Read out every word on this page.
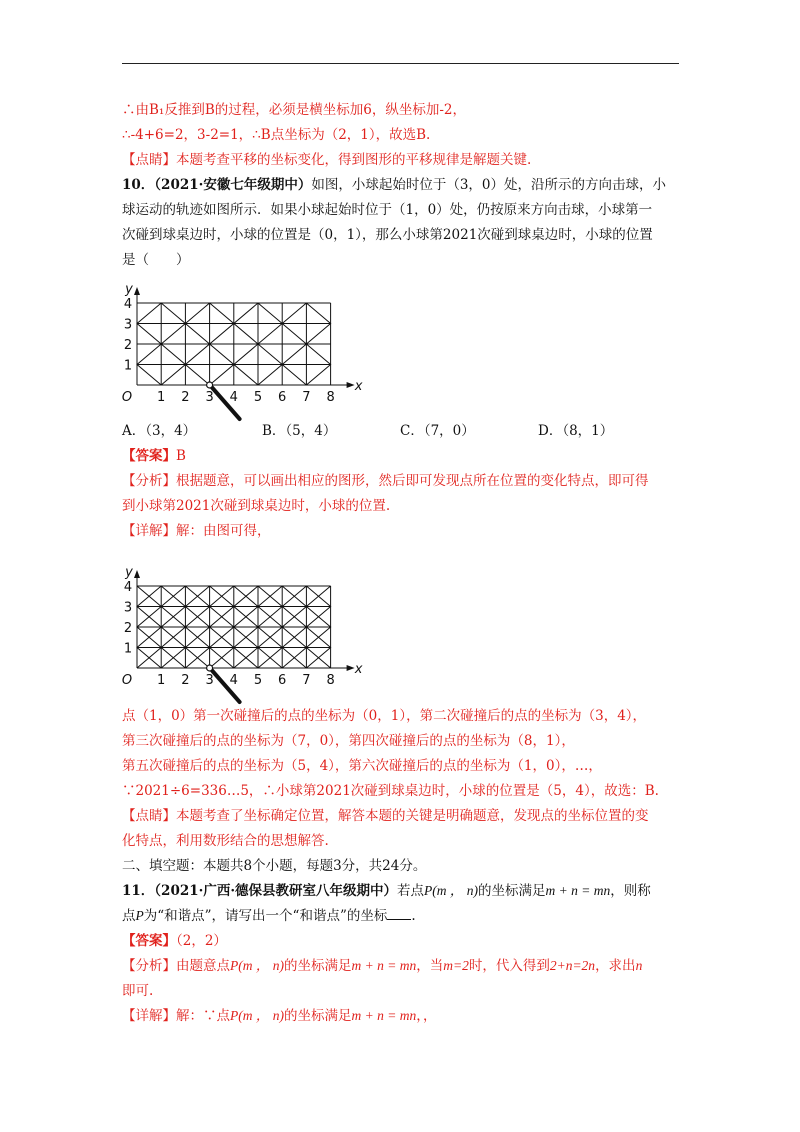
∴由B₁反推到B的过程，必须是横坐标加6，纵坐标加-2，
∴-4+6=2，3-2=1，∴B点坐标为（2，1），故选B.
【点睛】本题考查平移的坐标变化，得到图形的平移规律是解题关键.
10．（2021·安徽七年级期中）如图，小球起始时位于（3，0）处，沿所示的方向击球，小
球运动的轨迹如图所示．如果小球起始时位于（1，0）处，仍按原来方向击球，小球第一
次碰到球桌边时，小球的位置是（0，1），那么小球第2021次碰到球桌边时，小球的位置
是（　　）
1 2 3 4 5 6 7 8
1
2
3
4
O
x
y
A．（3，4）	B．（5，4）	C．（7，0）	D．（8，1）
【答案】B
【分析】根据题意，可以画出相应的图形，然后即可发现点所在位置的变化特点，即可得
到小球第2021次碰到球桌边时，小球的位置.
【详解】解：由图可得，
1 2 3 4 5 6 7 8
1
2
3
4
O
x
y
点（1，0）第一次碰撞后的点的坐标为（0，1），第二次碰撞后的点的坐标为（3，4），
第三次碰撞后的点的坐标为（7，0），第四次碰撞后的点的坐标为（8，1），
第五次碰撞后的点的坐标为（5，4），第六次碰撞后的点的坐标为（1，0），…，
∵2021÷6=336…5，∴小球第2021次碰到球桌边时，小球的位置是（5，4），故选：B.
【点睛】本题考查了坐标确定位置，解答本题的关键是明确题意，发现点的坐标位置的变
化特点，利用数形结合的思想解答.
二、填空题：本题共8个小题，每题3分，共24分。
11．（2021·广西·德保县教研室八年级期中）若点P(m ， n)的坐标满足m + n = mn，则称
点P为“和谐点”，请写出一个“和谐点”的坐标 .
【答案】（2，2）
【分析】由题意点P(m ， n)的坐标满足m + n = mn，当m=2时，代入得到2+n=2n，求出n
即可.
【详解】解：∵点P(m ， n)的坐标满足m + n = mn，，
